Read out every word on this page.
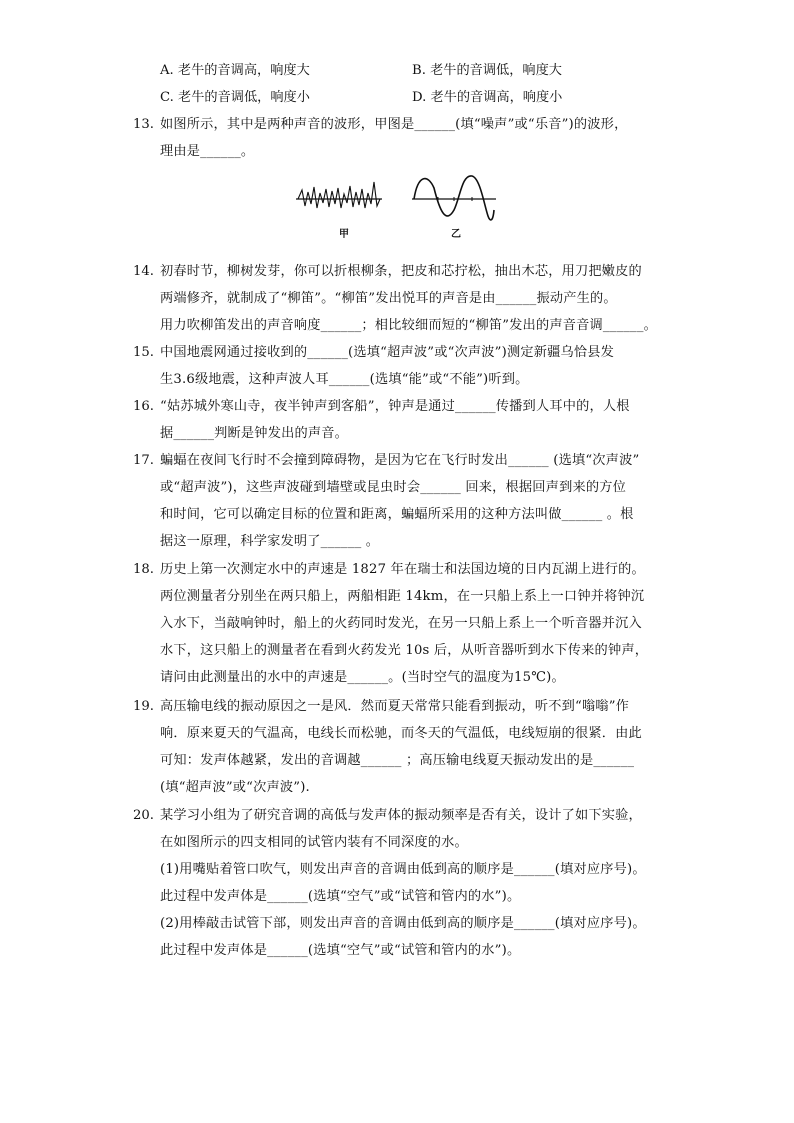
A. 老牛的音调高，响度大	B. 老牛的音调低，响度大
C. 老牛的音调低，响度小	D. 老牛的音调高，响度小
13. 如图所示，其中是两种声音的波形，甲图是______(填“噪声”或“乐音”)的波形，
理由是______。
甲	乙
14. 初春时节，柳树发芽，你可以折根柳条，把皮和芯拧松，抽出木芯，用刀把嫩皮的
两端修齐，就制成了“柳笛”。“柳笛”发出悦耳的声音是由______振动产生的。
用力吹柳笛发出的声音响度______；相比较细而短的“柳笛”发出的声音音调______。
15. 中国地震网通过接收到的______(选填“超声波”或“次声波”)测定新疆乌恰县发
生3.6级地震，这种声波人耳______(选填“能”或“不能”)听到。
16. “姑苏城外寒山寺，夜半钟声到客船”，钟声是通过______传播到人耳中的，人根
据______判断是钟发出的声音。
17. 蝙蝠在夜间飞行时不会撞到障碍物，是因为它在飞行时发出______ (选填“次声波”
或“超声波”)，这些声波碰到墙壁或昆虫时会______ 回来，根据回声到来的方位
和时间，它可以确定目标的位置和距离，蝙蝠所采用的这种方法叫做______ 。根
据这一原理，科学家发明了______ 。
18. 历史上第一次测定水中的声速是 1827 年在瑞士和法国边境的日内瓦湖上进行的。
两位测量者分别坐在两只船上，两船相距 14km，在一只船上系上一口钟并将钟沉
入水下，当敲响钟时，船上的火药同时发光，在另一只船上系上一个听音器并沉入
水下，这只船上的测量者在看到火药发光 10s 后，从听音器听到水下传来的钟声，
请问由此测量出的水中的声速是______。(当时空气的温度为15℃)。
19. 高压输电线的振动原因之一是风．然而夏天常常只能看到振动，听不到“嗡嗡”作
响．原来夏天的气温高，电线长而松驰，而冬天的气温低，电线短崩的很紧．由此
可知：发声体越紧，发出的音调越______ ；高压输电线夏天振动发出的是______
(填“超声波”或“次声波”).
20. 某学习小组为了研究音调的高低与发声体的振动频率是否有关，设计了如下实验，
在如图所示的四支相同的试管内装有不同深度的水。
(1)用嘴贴着管口吹气，则发出声音的音调由低到高的顺序是______(填对应序号)。
此过程中发声体是______(选填“空气”或“试管和管内的水”)。
(2)用棒敲击试管下部，则发出声音的音调由低到高的顺序是______(填对应序号)。
此过程中发声体是______(选填“空气”或“试管和管内的水”)。
